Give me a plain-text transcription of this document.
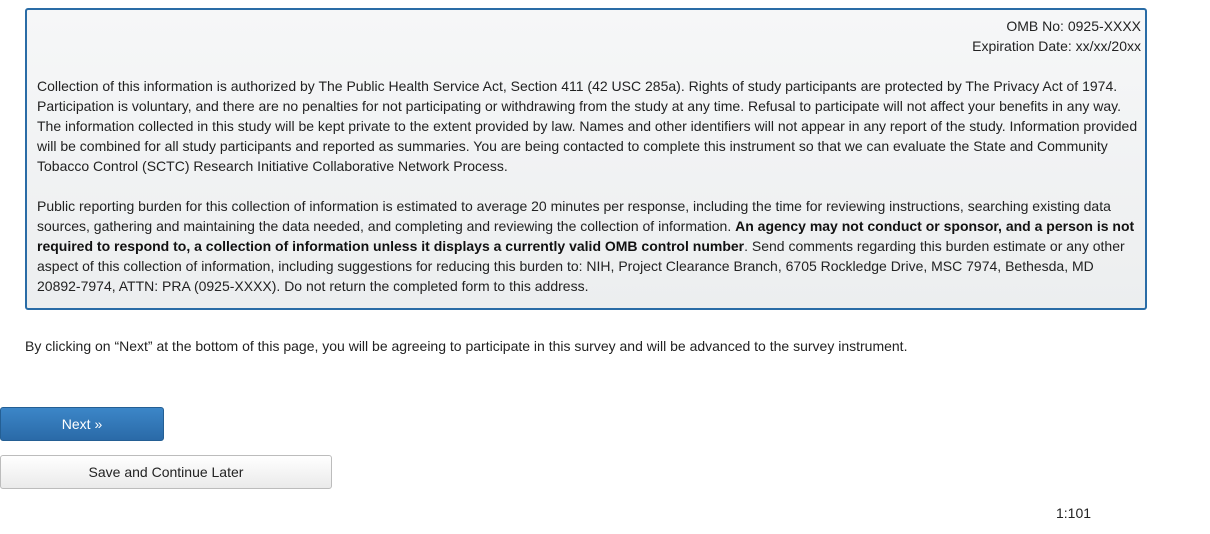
OMB No: 0925-XXXX
Expiration Date: xx/xx/20xx

Collection of this information is authorized by The Public Health Service Act, Section 411 (42 USC 285a). Rights of study participants are protected by The Privacy Act of 1974. Participation is voluntary, and there are no penalties for not participating or withdrawing from the study at any time. Refusal to participate will not affect your benefits in any way. The information collected in this study will be kept private to the extent provided by law. Names and other identifiers will not appear in any report of the study. Information provided will be combined for all study participants and reported as summaries. You are being contacted to complete this instrument so that we can evaluate the State and Community Tobacco Control (SCTC) Research Initiative Collaborative Network Process.

Public reporting burden for this collection of information is estimated to average 20 minutes per response, including the time for reviewing instructions, searching existing data sources, gathering and maintaining the data needed, and completing and reviewing the collection of information. An agency may not conduct or sponsor, and a person is not required to respond to, a collection of information unless it displays a currently valid OMB control number. Send comments regarding this burden estimate or any other aspect of this collection of information, including suggestions for reducing this burden to: NIH, Project Clearance Branch, 6705 Rockledge Drive, MSC 7974, Bethesda, MD 20892-7974, ATTN: PRA (0925-XXXX). Do not return the completed form to this address.

By clicking on “Next” at the bottom of this page, you will be agreeing to participate in this survey and will be advanced to the survey instrument.
Next »
Save and Continue Later
1:101
